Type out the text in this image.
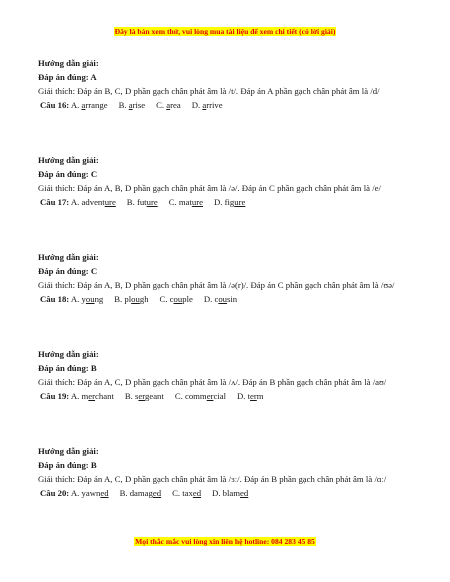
Đây là bản xem thử, vui lòng mua tài liệu để xem chi tiết (có lời giải)
Hướng dẫn giải:
Đáp án đúng: A
Giải thích: Đáp án B, C, D phần gạch chân phát âm là /t/. Đáp án A phần gạch chân phát âm là /d/
Câu 16: A. arrange B. arise C. area D. arrive
Hướng dẫn giải:
Đáp án đúng: C
Giải thích: Đáp án A, B, D phần gạch chân phát âm là /ə/. Đáp án C phần gạch chân phát âm là /e/
Câu 17: A. adventure B. future C. mature D. figure
Hướng dẫn giải:
Đáp án đúng: C
Giải thích: Đáp án A, B, D phần gạch chân phát âm là /ə(r)/. Đáp án C phần gạch chân phát âm là /ʊə/
Câu 18: A. young B. plough C. couple D. cousin
Hướng dẫn giải:
Đáp án đúng: B
Giải thích: Đáp án A, C, D phần gạch chân phát âm là /ʌ/. Đáp án B phần gạch chân phát âm là /aʊ/
Câu 19: A. merchant B. sergeant C. commercial D. term
Hướng dẫn giải:
Đáp án đúng: B
Giải thích: Đáp án A, C, D phần gạch chân phát âm là /ɜː/. Đáp án B phần gạch chân phát âm là /ɑː/
Câu 20: A. yawned B. damaged C. taxed D. blamed
Mọi thắc mắc vui lòng xin liên hệ hotline: 084 283 45 85
